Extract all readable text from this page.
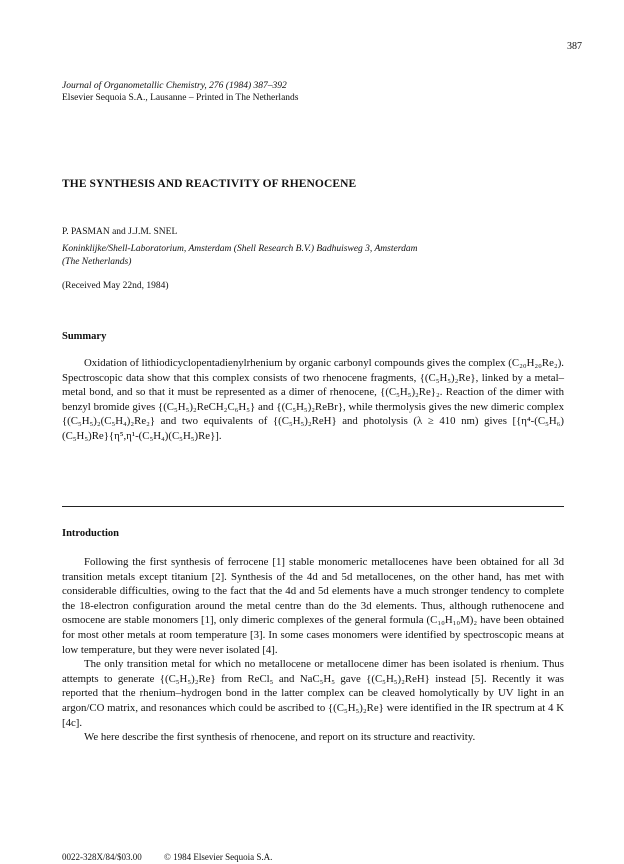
387
Journal of Organometallic Chemistry, 276 (1984) 387–392
Elsevier Sequoia S.A., Lausanne – Printed in The Netherlands
THE SYNTHESIS AND REACTIVITY OF RHENOCENE
P. PASMAN and J.J.M. SNEL
Koninklijke/Shell-Laboratorium, Amsterdam (Shell Research B.V.) Badhuisweg 3, Amsterdam
(The Netherlands)
(Received May 22nd, 1984)
Summary

Oxidation of lithiodicyclopentadienylrhenium by organic carbonyl compounds gives the complex (C₂₀H₂₀Re₂). Spectroscopic data show that this complex consists of two rhenocene fragments, {(C₅H₅)₂Re}, linked by a metal–metal bond, and so that it must be represented as a dimer of rhenocene, {(C₅H₅)₂Re}₂. Reaction of the dimer with benzyl bromide gives {(C₅H₅)₂ReCH₂C₆H₅} and {(C₅H₅)₂ReBr}, while thermolysis gives the new dimeric complex {(C₅H₅)₂(C₅H₄)₂Re₂} and two equivalents of {(C₅H₅)₂ReH} and photolysis (λ ≥ 410 nm) gives [{η⁴-(C₅H₆)(C₅H₅)Re}{η⁵,η¹-(C₅H₄)(C₅H₅)Re}].

Introduction

Following the first synthesis of ferrocene [1] stable monomeric metallocenes have been obtained for all 3d transition metals except titanium [2]. Synthesis of the 4d and 5d metallocenes, on the other hand, has met with considerable difficulties, owing to the fact that the 4d and 5d elements have a much stronger tendency to complete the 18-electron configuration around the metal centre than do the 3d elements. Thus, although ruthenocene and osmocene are stable monomers [1], only dimeric complexes of the general formula (C₁₀H₁₀M)₂ have been obtained for most other metals at room temperature [3]. In some cases monomers were identified by spectroscopic means at low temperature, but they were never isolated [4].

The only transition metal for which no metallocene or metallocene dimer has been isolated is rhenium. Thus attempts to generate {(C₅H₅)₂Re} from ReCl₅ and NaC₅H₅ gave {(C₅H₅)₂ReH} instead [5]. Recently it was reported that the rhenium–hydrogen bond in the latter complex can be cleaved homolytically by UV light in an argon/CO matrix, and resonances which could be ascribed to {(C₅H₅)₂Re} were identified in the IR spectrum at 4 K [4c].

We here describe the first synthesis of rhenocene, and report on its structure and reactivity.

0022-328X/84/$03.00 © 1984 Elsevier Sequoia S.A.
